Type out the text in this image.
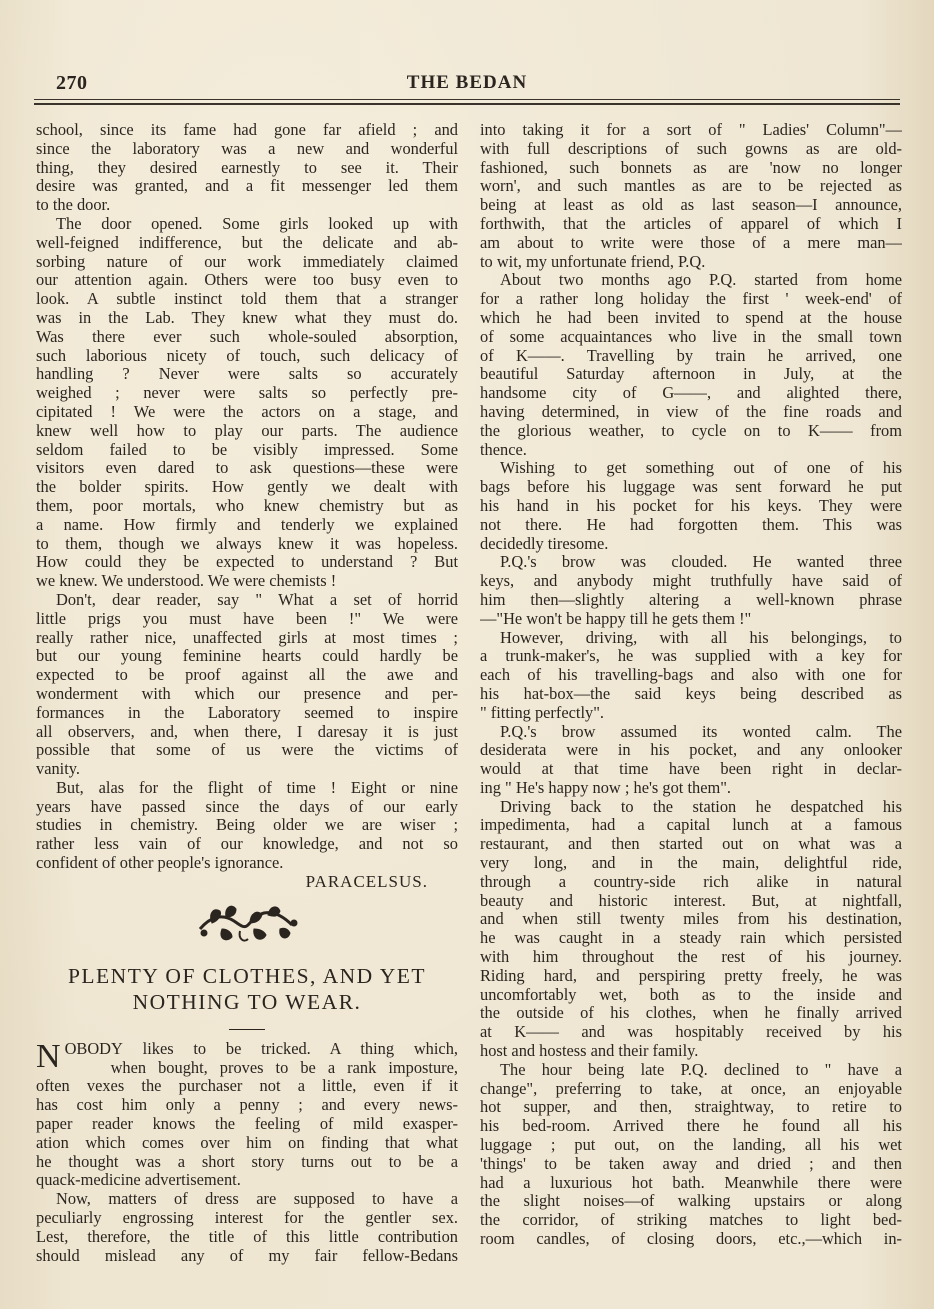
270	THE BEDAN
school, since its fame had gone far afield ; and
since the laboratory was a new and wonderful
thing, they desired earnestly to see it. Their
desire was granted, and a fit messenger led them
to the door.
The door opened. Some girls looked up with
well-feigned indifference, but the delicate and ab-
sorbing nature of our work immediately claimed
our attention again. Others were too busy even to
look. A subtle instinct told them that a stranger
was in the Lab. They knew what they must do.
Was there ever such whole-souled absorption,
such laborious nicety of touch, such delicacy of
handling ? Never were salts so accurately
weighed ; never were salts so perfectly pre-
cipitated ! We were the actors on a stage, and
knew well how to play our parts. The audience
seldom failed to be visibly impressed. Some
visitors even dared to ask questions—these were
the bolder spirits. How gently we dealt with
them, poor mortals, who knew chemistry but as
a name. How firmly and tenderly we explained
to them, though we always knew it was hopeless.
How could they be expected to understand ? But
we knew. We understood. We were chemists !
Don't, dear reader, say " What a set of horrid
little prigs you must have been !" We were
really rather nice, unaffected girls at most times ;
but our young feminine hearts could hardly be
expected to be proof against all the awe and
wonderment with which our presence and per-
formances in the Laboratory seemed to inspire
all observers, and, when there, I daresay it is just
possible that some of us were the victims of
vanity.
But, alas for the flight of time ! Eight or nine
years have passed since the days of our early
studies in chemistry. Being older we are wiser ;
rather less vain of our knowledge, and not so
confident of other people's ignorance.
PARACELSUS.
PLENTY OF CLOTHES, AND YET
NOTHING TO WEAR.
N OBODY likes to be tricked. A thing which,
when bought, proves to be a rank imposture,
often vexes the purchaser not a little, even if it
has cost him only a penny ; and every news-
paper reader knows the feeling of mild exasper-
ation which comes over him on finding that what
he thought was a short story turns out to be a
quack-medicine advertisement.
Now, matters of dress are supposed to have a
peculiarly engrossing interest for the gentler sex.
Lest, therefore, the title of this little contribution
should mislead any of my fair fellow-Bedans
into taking it for a sort of " Ladies' Column"—
with full descriptions of such gowns as are old-
fashioned, such bonnets as are 'now no longer
worn', and such mantles as are to be rejected as
being at least as old as last season—I announce,
forthwith, that the articles of apparel of which I
am about to write were those of a mere man—
to wit, my unfortunate friend, P.Q.
About two months ago P.Q. started from home
for a rather long holiday the first ' week-end' of
which he had been invited to spend at the house
of some acquaintances who live in the small town
of K——. Travelling by train he arrived, one
beautiful Saturday afternoon in July, at the
handsome city of G——, and alighted there,
having determined, in view of the fine roads and
the glorious weather, to cycle on to K—— from
thence.
Wishing to get something out of one of his
bags before his luggage was sent forward he put
his hand in his pocket for his keys. They were
not there. He had forgotten them. This was
decidedly tiresome.
P.Q.'s brow was clouded. He wanted three
keys, and anybody might truthfully have said of
him then—slightly altering a well-known phrase
—"He won't be happy till he gets them !"
However, driving, with all his belongings, to
a trunk-maker's, he was supplied with a key for
each of his travelling-bags and also with one for
his hat-box—the said keys being described as
" fitting perfectly".
P.Q.'s brow assumed its wonted calm. The
desiderata were in his pocket, and any onlooker
would at that time have been right in declar-
ing " He's happy now ; he's got them".
Driving back to the station he despatched his
impedimenta, had a capital lunch at a famous
restaurant, and then started out on what was a
very long, and in the main, delightful ride,
through a country-side rich alike in natural
beauty and historic interest. But, at nightfall,
and when still twenty miles from his destination,
he was caught in a steady rain which persisted
with him throughout the rest of his journey.
Riding hard, and perspiring pretty freely, he was
uncomfortably wet, both as to the inside and
the outside of his clothes, when he finally arrived
at K—— and was hospitably received by his
host and hostess and their family.
The hour being late P.Q. declined to " have a
change", preferring to take, at once, an enjoyable
hot supper, and then, straightway, to retire to
his bed-room. Arrived there he found all his
luggage ; put out, on the landing, all his wet
'things' to be taken away and dried ; and then
had a luxurious hot bath. Meanwhile there were
the slight noises—of walking upstairs or along
the corridor, of striking matches to light bed-
room candles, of closing doors, etc.,—which in-
